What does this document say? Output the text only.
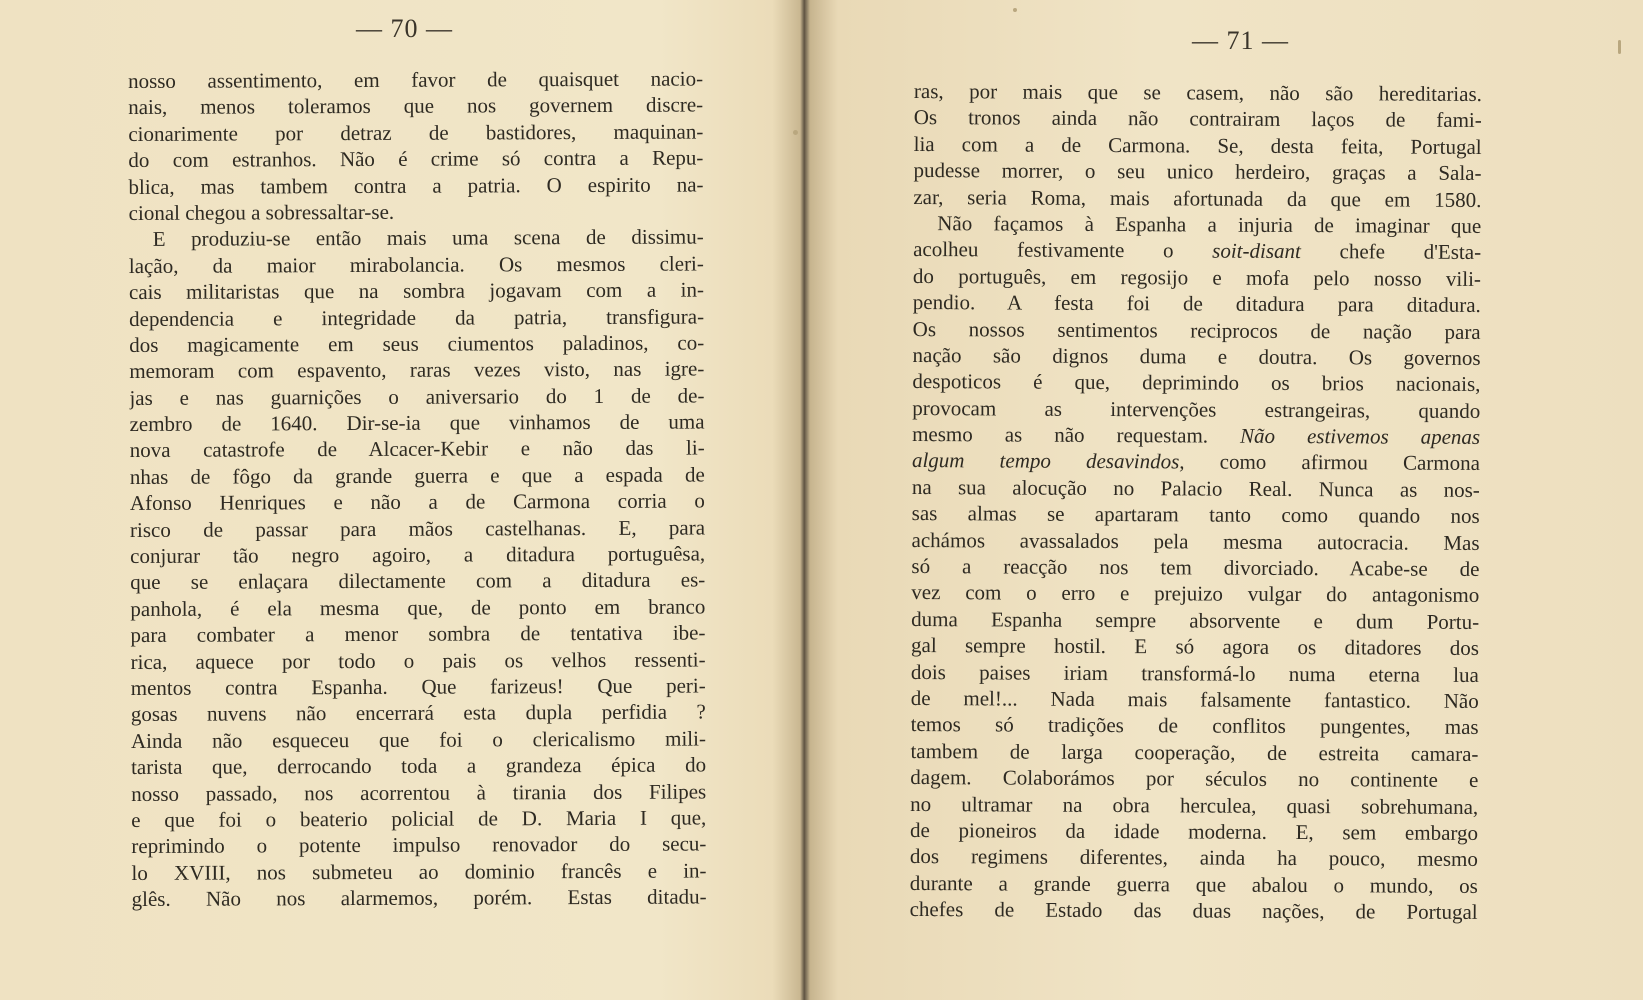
— 70 —
nosso assentimento, em favor de quaisquet nacio-
nais, menos toleramos que nos governem discre-
cionarimente por detraz de bastidores, maquinan-
do com estranhos. Não é crime só contra a Repu-
blica, mas tambem contra a patria. O espirito na-
cional chegou a sobressaltar-se.
E produziu-se então mais uma scena de dissimu-
lação, da maior mirabolancia. Os mesmos cleri-
cais militaristas que na sombra jogavam com a in-
dependencia e integridade da patria, transfigura-
dos magicamente em seus ciumentos paladinos, co-
memoram com espavento, raras vezes visto, nas igre-
jas e nas guarnições o aniversario do 1 de de-
zembro de 1640. Dir-se-ia que vinhamos de uma
nova catastrofe de Alcacer-Kebir e não das li-
nhas de fôgo da grande guerra e que a espada de
Afonso Henriques e não a de Carmona corria o
risco de passar para mãos castelhanas. E, para
conjurar tão negro agoiro, a ditadura portuguêsa,
que se enlaçara dilectamente com a ditadura es-
panhola, é ela mesma que, de ponto em branco
para combater a menor sombra de tentativa ibe-
rica, aquece por todo o pais os velhos ressenti-
mentos contra Espanha. Que farizeus! Que peri-
gosas nuvens não encerrará esta dupla perfidia ?
Ainda não esqueceu que foi o clericalismo mili-
tarista que, derrocando toda a grandeza épica do
nosso passado, nos acorrentou à tirania dos Filipes
e que foi o beaterio policial de D. Maria I que,
reprimindo o potente impulso renovador do secu-
lo XVIII, nos submeteu ao dominio francês e in-
glês. Não nos alarmemos, porém. Estas ditadu-
— 71 —
ras, por mais que se casem, não são hereditarias.
Os tronos ainda não contrairam laços de fami-
lia com a de Carmona. Se, desta feita, Portugal
pudesse morrer, o seu unico herdeiro, graças a Sala-
zar, seria Roma, mais afortunada da que em 1580.
Não façamos à Espanha a injuria de imaginar que
acolheu festivamente o soit-disant chefe d'Esta-
do português, em regosijo e mofa pelo nosso vili-
pendio. A festa foi de ditadura para ditadura.
Os nossos sentimentos reciprocos de nação para
nação são dignos duma e doutra. Os governos
despoticos é que, deprimindo os brios nacionais,
provocam as intervenções estrangeiras, quando
mesmo as não requestam. Não estivemos apenas
algum tempo desavindos, como afirmou Carmona
na sua alocução no Palacio Real. Nunca as nos-
sas almas se apartaram tanto como quando nos
achámos avassalados pela mesma autocracia. Mas
só a reacção nos tem divorciado. Acabe-se de
vez com o erro e prejuizo vulgar do antagonismo
duma Espanha sempre absorvente e dum Portu-
gal sempre hostil. E só agora os ditadores dos
dois paises iriam transformá-lo numa eterna lua
de mel!... Nada mais falsamente fantastico. Não
temos só tradições de conflitos pungentes, mas
tambem de larga cooperação, de estreita camara-
dagem. Colaborámos por séculos no continente e
no ultramar na obra herculea, quasi sobrehumana,
de pioneiros da idade moderna. E, sem embargo
dos regimens diferentes, ainda ha pouco, mesmo
durante a grande guerra que abalou o mundo, os
chefes de Estado das duas nações, de Portugal
